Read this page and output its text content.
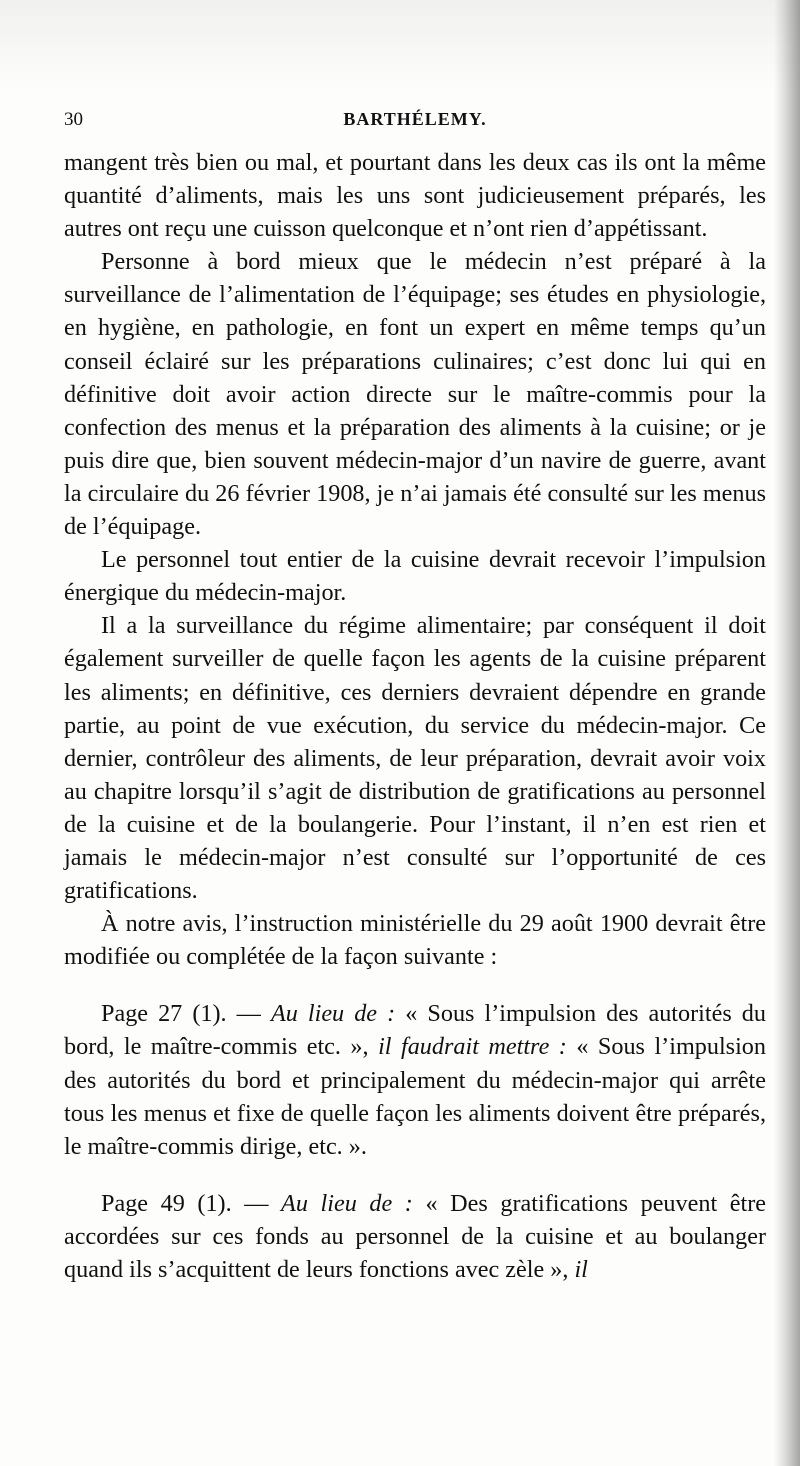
30	BARTHÉLEMY.

mangent très bien ou mal, et pourtant dans les deux cas ils ont la même quantité d’aliments, mais les uns sont judicieusement préparés, les autres ont reçu une cuisson quelconque et n’ont rien d’appétissant.

Personne à bord mieux que le médecin n’est préparé à la surveillance de l’alimentation de l’équipage; ses études en physiologie, en hygiène, en pathologie, en font un expert en même temps qu’un conseil éclairé sur les préparations culinaires; c’est donc lui qui en définitive doit avoir action directe sur le maître-commis pour la confection des menus et la préparation des aliments à la cuisine; or je puis dire que, bien souvent médecin-major d’un navire de guerre, avant la circulaire du 26 février 1908, je n’ai jamais été consulté sur les menus de l’équipage.

Le personnel tout entier de la cuisine devrait recevoir l’impulsion énergique du médecin-major.

Il a la surveillance du régime alimentaire; par conséquent il doit également surveiller de quelle façon les agents de la cuisine préparent les aliments; en définitive, ces derniers devraient dépendre en grande partie, au point de vue exécution, du service du médecin-major. Ce dernier, contrôleur des aliments, de leur préparation, devrait avoir voix au chapitre lorsqu’il s’agit de distribution de gratifications au personnel de la cuisine et de la boulangerie. Pour l’instant, il n’en est rien et jamais le médecin-major n’est consulté sur l’opportunité de ces gratifications.

À notre avis, l’instruction ministérielle du 29 août 1900 devrait être modifiée ou complétée de la façon suivante :

Page 27 (1). — Au lieu de : « Sous l’impulsion des autorités du bord, le maître-commis etc. », il faudrait mettre : « Sous l’impulsion des autorités du bord et principalement du médecin-major qui arrête tous les menus et fixe de quelle façon les aliments doivent être préparés, le maître-commis dirige, etc. ».

Page 49 (1). — Au lieu de : « Des gratifications peuvent être accordées sur ces fonds au personnel de la cuisine et au boulanger quand ils s’acquittent de leurs fonctions avec zèle », il
